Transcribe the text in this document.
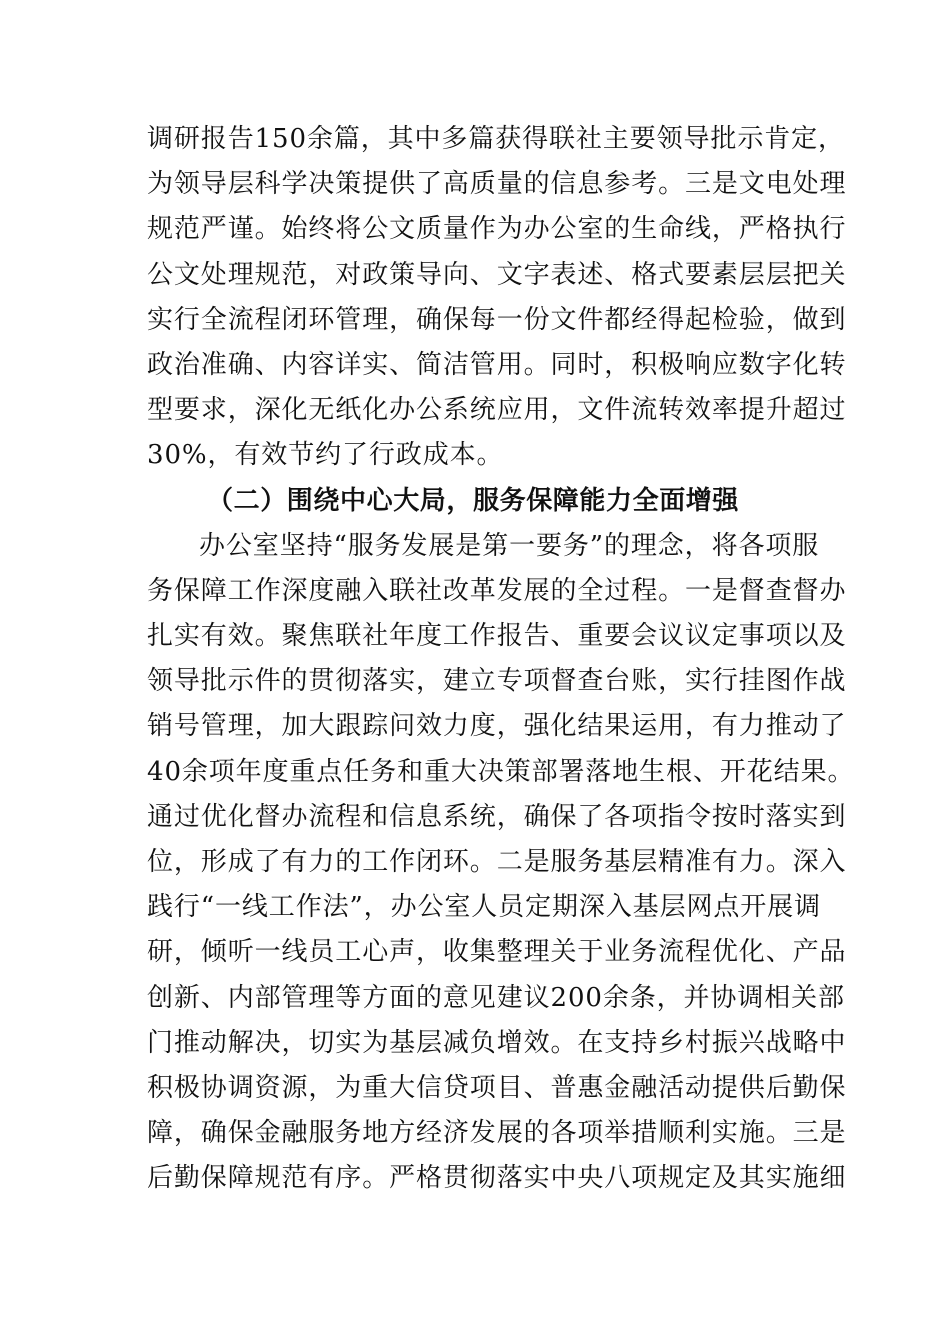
调研报告150余篇，其中多篇获得联社主要领导批示肯定，
为领导层科学决策提供了高质量的信息参考。三是文电处理
规范严谨。始终将公文质量作为办公室的生命线，严格执行
公文处理规范，对政策导向、文字表述、格式要素层层把关
实行全流程闭环管理，确保每一份文件都经得起检验，做到
政治准确、内容详实、简洁管用。同时，积极响应数字化转
型要求，深化无纸化办公系统应用，文件流转效率提升超过
30%，有效节约了行政成本。
（二）围绕中心大局，服务保障能力全面增强
办公室坚持“服务发展是第一要务”的理念，将各项服
务保障工作深度融入联社改革发展的全过程。一是督查督办
扎实有效。聚焦联社年度工作报告、重要会议议定事项以及
领导批示件的贯彻落实，建立专项督查台账，实行挂图作战
销号管理，加大跟踪问效力度，强化结果运用，有力推动了
40余项年度重点任务和重大决策部署落地生根、开花结果。
通过优化督办流程和信息系统，确保了各项指令按时落实到
位，形成了有力的工作闭环。二是服务基层精准有力。深入
践行“一线工作法”，办公室人员定期深入基层网点开展调
研，倾听一线员工心声，收集整理关于业务流程优化、产品
创新、内部管理等方面的意见建议200余条，并协调相关部
门推动解决，切实为基层减负增效。在支持乡村振兴战略中
积极协调资源，为重大信贷项目、普惠金融活动提供后勤保
障，确保金融服务地方经济发展的各项举措顺利实施。三是
后勤保障规范有序。严格贯彻落实中央八项规定及其实施细
